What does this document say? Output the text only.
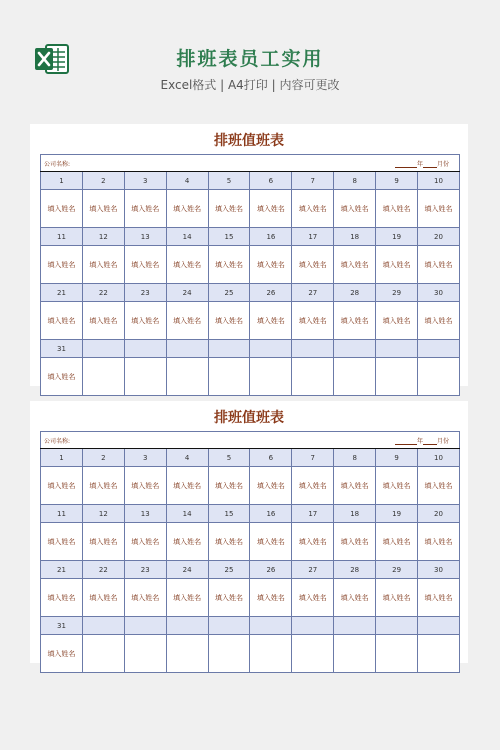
排班表员工实用
Excel格式 | A4打印 | 内容可更改
排班值班表
公司名称: 年 月份									

1	2	3	4	5	6	7	8	9	10
填入姓名	填入姓名	填入姓名	填入姓名	填入姓名	填入姓名	填入姓名	填入姓名	填入姓名	填入姓名
11	12	13	14	15	16	17	18	19	20
填入姓名	填入姓名	填入姓名	填入姓名	填入姓名	填入姓名	填入姓名	填入姓名	填入姓名	填入姓名
21	22	23	24	25	26	27	28	29	30
填入姓名	填入姓名	填入姓名	填入姓名	填入姓名	填入姓名	填入姓名	填入姓名	填入姓名	填入姓名
31									
填入姓名									
排班值班表
公司名称: 年 月份									

1	2	3	4	5	6	7	8	9	10
填入姓名	填入姓名	填入姓名	填入姓名	填入姓名	填入姓名	填入姓名	填入姓名	填入姓名	填入姓名
11	12	13	14	15	16	17	18	19	20
填入姓名	填入姓名	填入姓名	填入姓名	填入姓名	填入姓名	填入姓名	填入姓名	填入姓名	填入姓名
21	22	23	24	25	26	27	28	29	30
填入姓名	填入姓名	填入姓名	填入姓名	填入姓名	填入姓名	填入姓名	填入姓名	填入姓名	填入姓名
31									
填入姓名									
